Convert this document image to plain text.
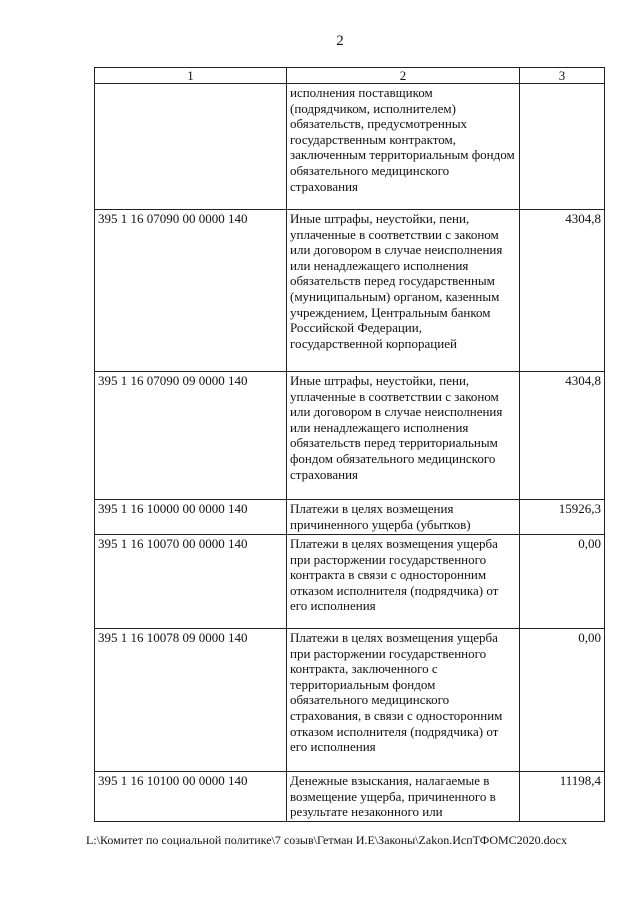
2
1	2	3
	исполнения поставщиком (подрядчиком, исполнителем) обязательств, предусмотренных государственным контрактом, заключенным территориальным фондом обязательного медицинского страхования	
395 1 16 07090 00 0000 140	Иные штрафы, неустойки, пени, уплаченные в соответствии с законом или договором в случае неисполнения или ненадлежащего исполнения обязательств перед государственным (муниципальным) органом, казенным учреждением, Центральным банком Российской Федерации, государственной корпорацией	4304,8
395 1 16 07090 09 0000 140	Иные штрафы, неустойки, пени, уплаченные в соответствии с законом или договором в случае неисполнения или ненадлежащего исполнения обязательств перед территориальным фондом обязательного медицинского страхования	4304,8
395 1 16 10000 00 0000 140	Платежи в целях возмещения причиненного ущерба (убытков)	15926,3
395 1 16 10070 00 0000 140	Платежи в целях возмещения ущерба при расторжении государственного контракта в связи с односторонним отказом исполнителя (подрядчика) от его исполнения	0,00
395 1 16 10078 09 0000 140	Платежи в целях возмещения ущерба при расторжении государственного контракта, заключенного с территориальным фондом обязательного медицинского страхования, в связи с односторонним отказом исполнителя (подрядчика) от его исполнения	0,00
395 1 16 10100 00 0000 140	Денежные взыскания, налагаемые в возмещение ущерба, причиненного в результате незаконного или	11198,4
L:\Комитет по социальной политике\7 созыв\Гетман И.Е\Законы\Zakon.ИспТФОМС2020.docx
